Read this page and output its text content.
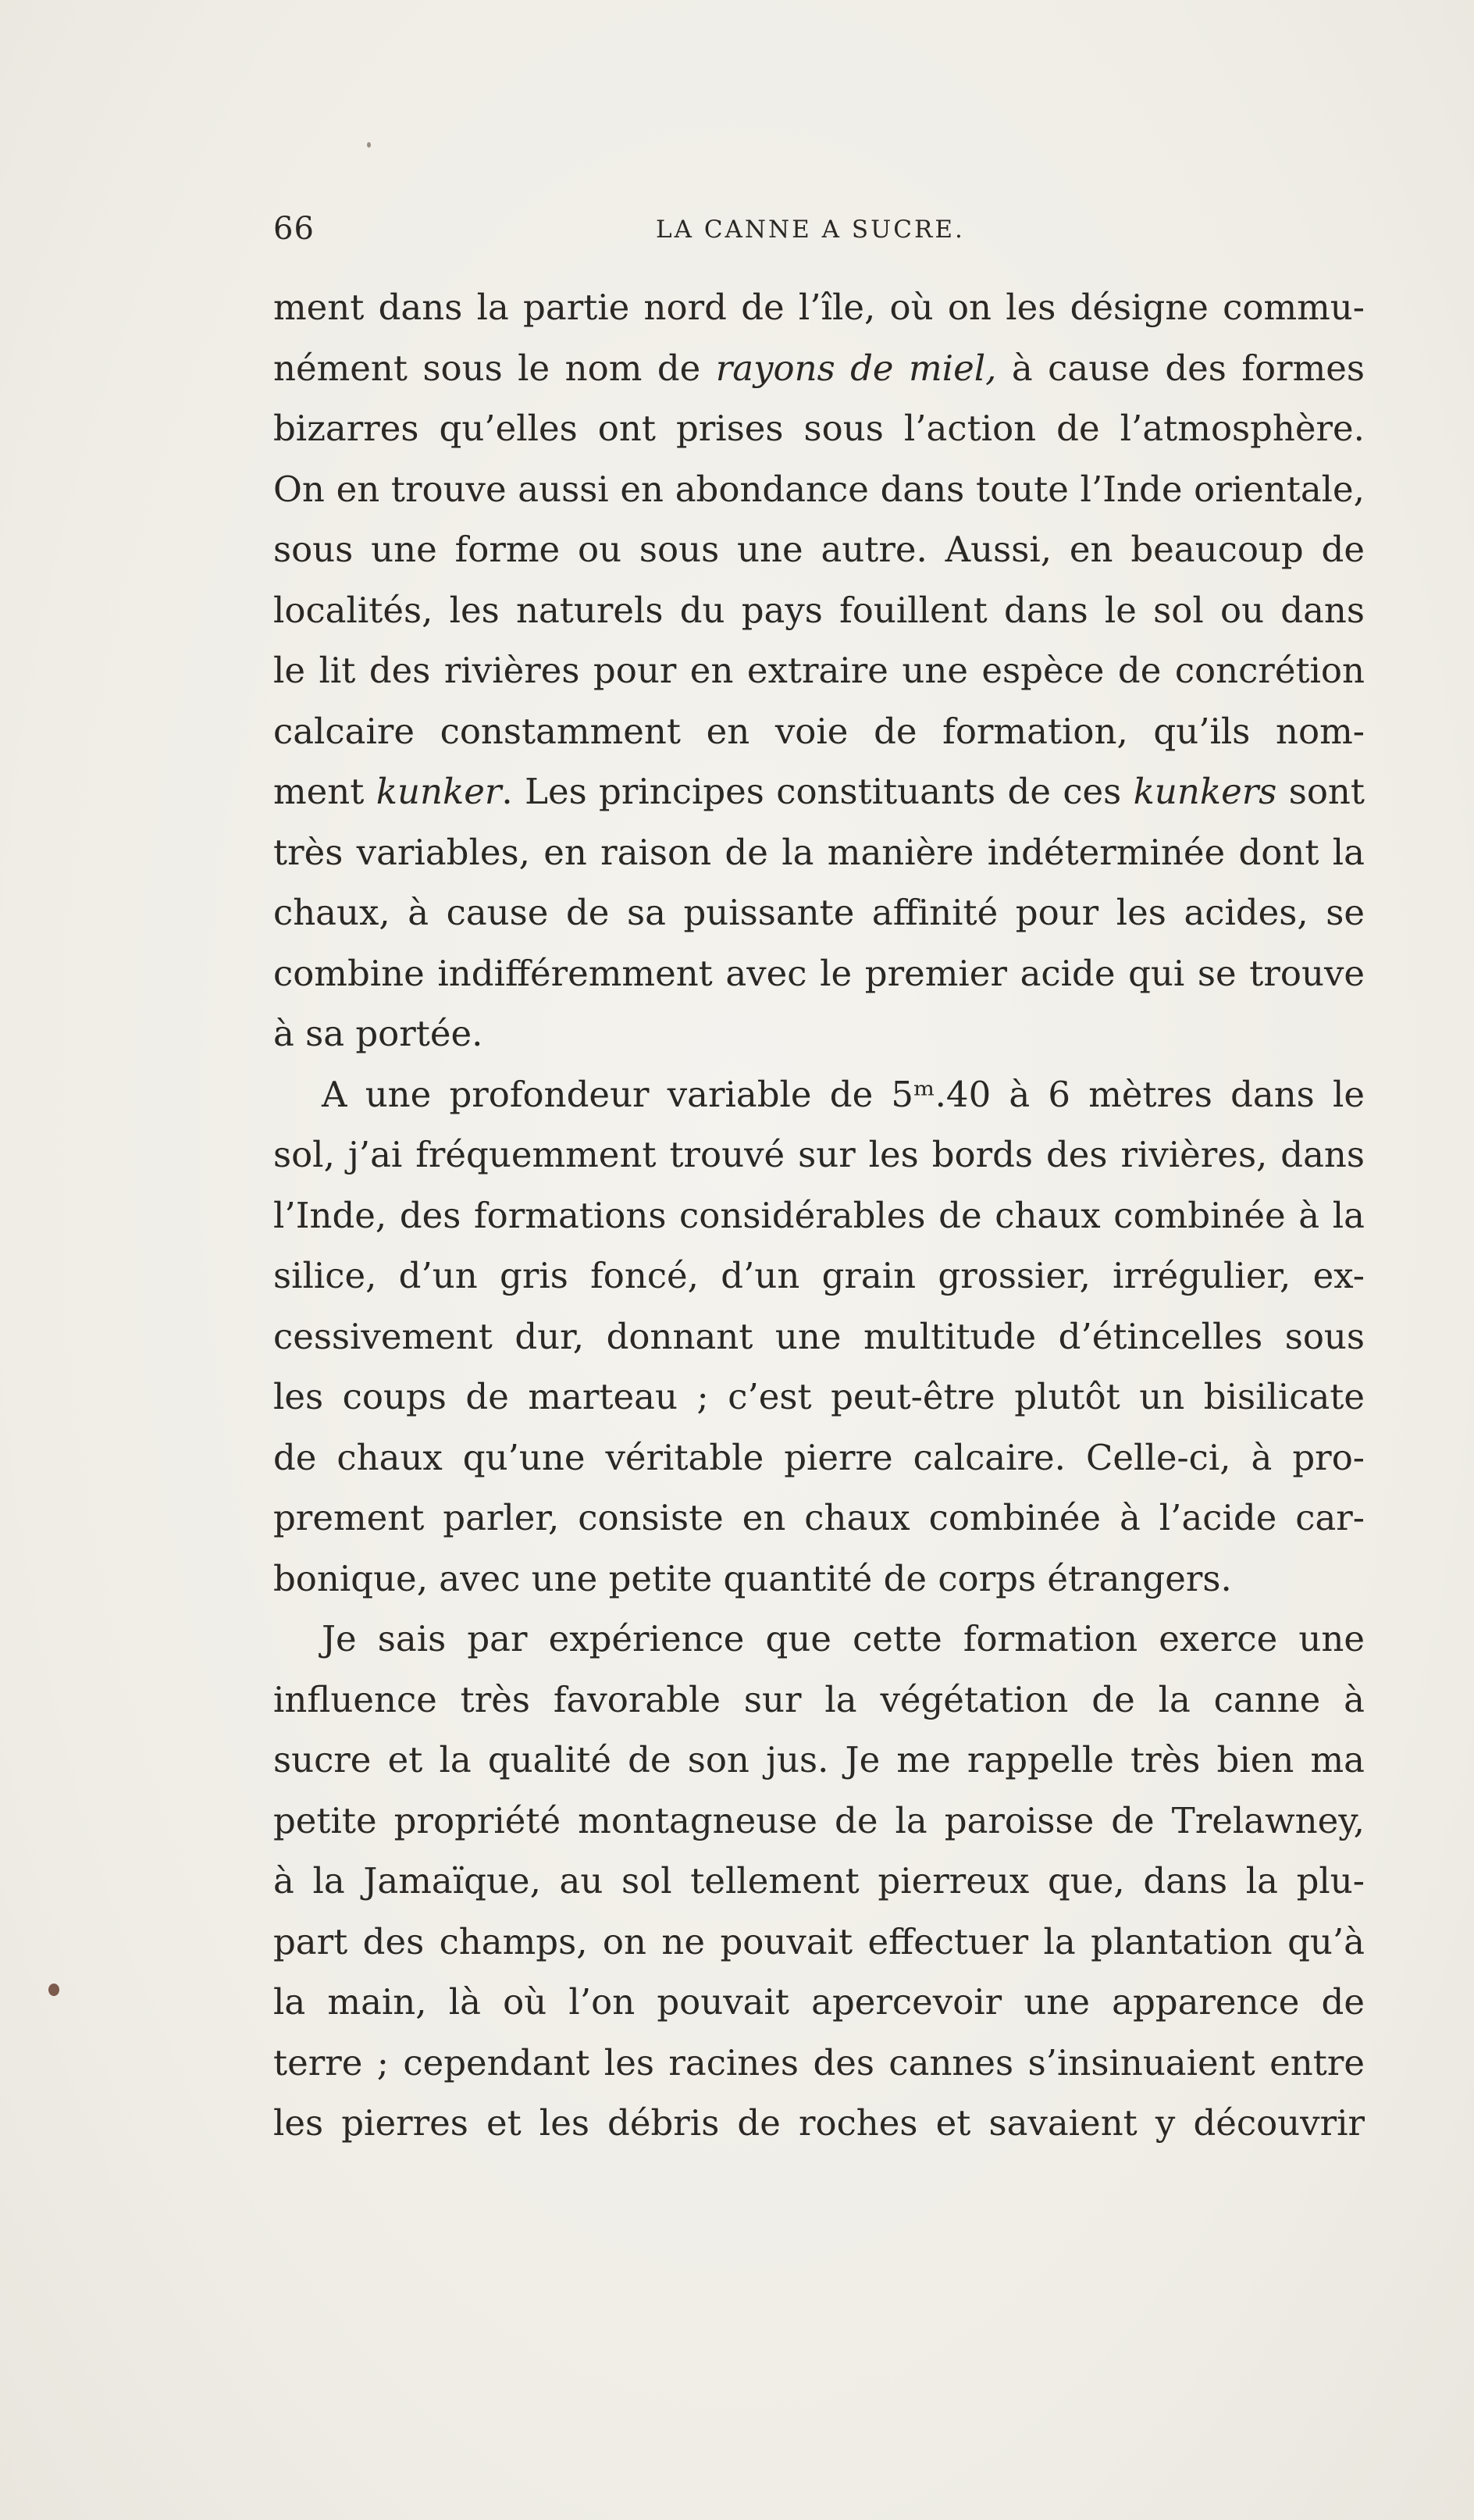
66	LA CANNE A SUCRE.
ment dans la partie nord de l’île, où on les désigne commu-
nément sous le nom de rayons de miel, à cause des formes
bizarres qu’elles ont prises sous l’action de l’atmosphère.
On en trouve aussi en abondance dans toute l’Inde orientale,
sous une forme ou sous une autre. Aussi, en beaucoup de
localités, les naturels du pays fouillent dans le sol ou dans
le lit des rivières pour en extraire une espèce de concrétion
calcaire constamment en voie de formation, qu’ils nom-
ment kunker. Les principes constituants de ces kunkers sont
très variables, en raison de la manière indéterminée dont la
chaux, à cause de sa puissante affinité pour les acides, se
combine indifféremment avec le premier acide qui se trouve
à sa portée.
A une profondeur variable de 5ᵐ.40 à 6 mètres dans le
sol, j’ai fréquemment trouvé sur les bords des rivières, dans
l’Inde, des formations considérables de chaux combinée à la
silice, d’un gris foncé, d’un grain grossier, irrégulier, ex-
cessivement dur, donnant une multitude d’étincelles sous
les coups de marteau ; c’est peut-être plutôt un bisilicate
de chaux qu’une véritable pierre calcaire. Celle-ci, à pro-
prement parler, consiste en chaux combinée à l’acide car-
bonique, avec une petite quantité de corps étrangers.
Je sais par expérience que cette formation exerce une
influence très favorable sur la végétation de la canne à
sucre et la qualité de son jus. Je me rappelle très bien ma
petite propriété montagneuse de la paroisse de Trelawney,
à la Jamaïque, au sol tellement pierreux que, dans la plu-
part des champs, on ne pouvait effectuer la plantation qu’à
la main, là où l’on pouvait apercevoir une apparence de
terre ; cependant les racines des cannes s’insinuaient entre
les pierres et les débris de roches et savaient y découvrir
